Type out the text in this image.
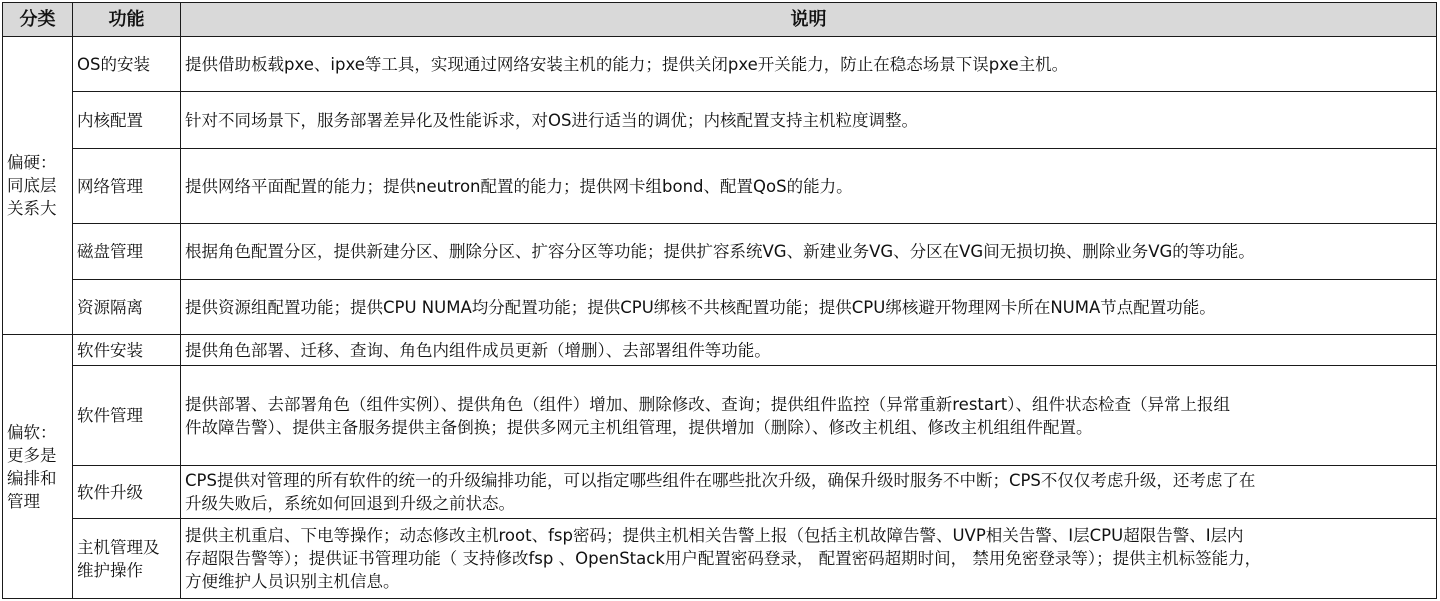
分类	功能	说明

偏硬：
同底层
关系大	OS的安装	提供借助板载pxe、ipxe等工具，实现通过网络安装主机的能力；提供关闭pxe开关能力，防止在稳态场景下误pxe主机。

	内核配置	针对不同场景下，服务部署差异化及性能诉求，对OS进行适当的调优；内核配置支持主机粒度调整。

	网络管理	提供网络平面配置的能力；提供neutron配置的能力；提供网卡组bond、配置QoS的能力。

	磁盘管理	根据角色配置分区，提供新建分区、删除分区、扩容分区等功能；提供扩容系统VG、新建业务VG、分区在VG间无损切换、删除业务VG的等功能。

	资源隔离	提供资源组配置功能；提供CPU NUMA均分配置功能；提供CPU绑核不共核配置功能；提供CPU绑核避开物理网卡所在NUMA节点配置功能。

偏软：
更多是
编排和
管理	软件安装	提供角色部署、迁移、查询、角色内组件成员更新（增删）、去部署组件等功能。

	软件管理	提供部署、去部署角色（组件实例）、提供角色（组件）增加、删除修改、查询；提供组件监控（异常重新restart）、组件状态检查（异常上报组
件故障告警）、提供主备服务提供主备倒换；提供多网元主机组管理，提供增加（删除）、修改主机组、修改主机组组件配置。

	软件升级	CPS提供对管理的所有软件的统一的升级编排功能，可以指定哪些组件在哪些批次升级，确保升级时服务不中断；CPS不仅仅考虑升级，还考虑了在
升级失败后，系统如何回退到升级之前状态。

	主机管理及
维护操作	提供主机重启、下电等操作；动态修改主机root、fsp密码；提供主机相关告警上报（包括主机故障告警、UVP相关告警、I层CPU超限告警、I层内
存超限告警等）；提供证书管理功能（ 支持修改fsp 、OpenStack用户配置密码登录， 配置密码超期时间， 禁用免密登录等）；提供主机标签能力，
方便维护人员识别主机信息。
